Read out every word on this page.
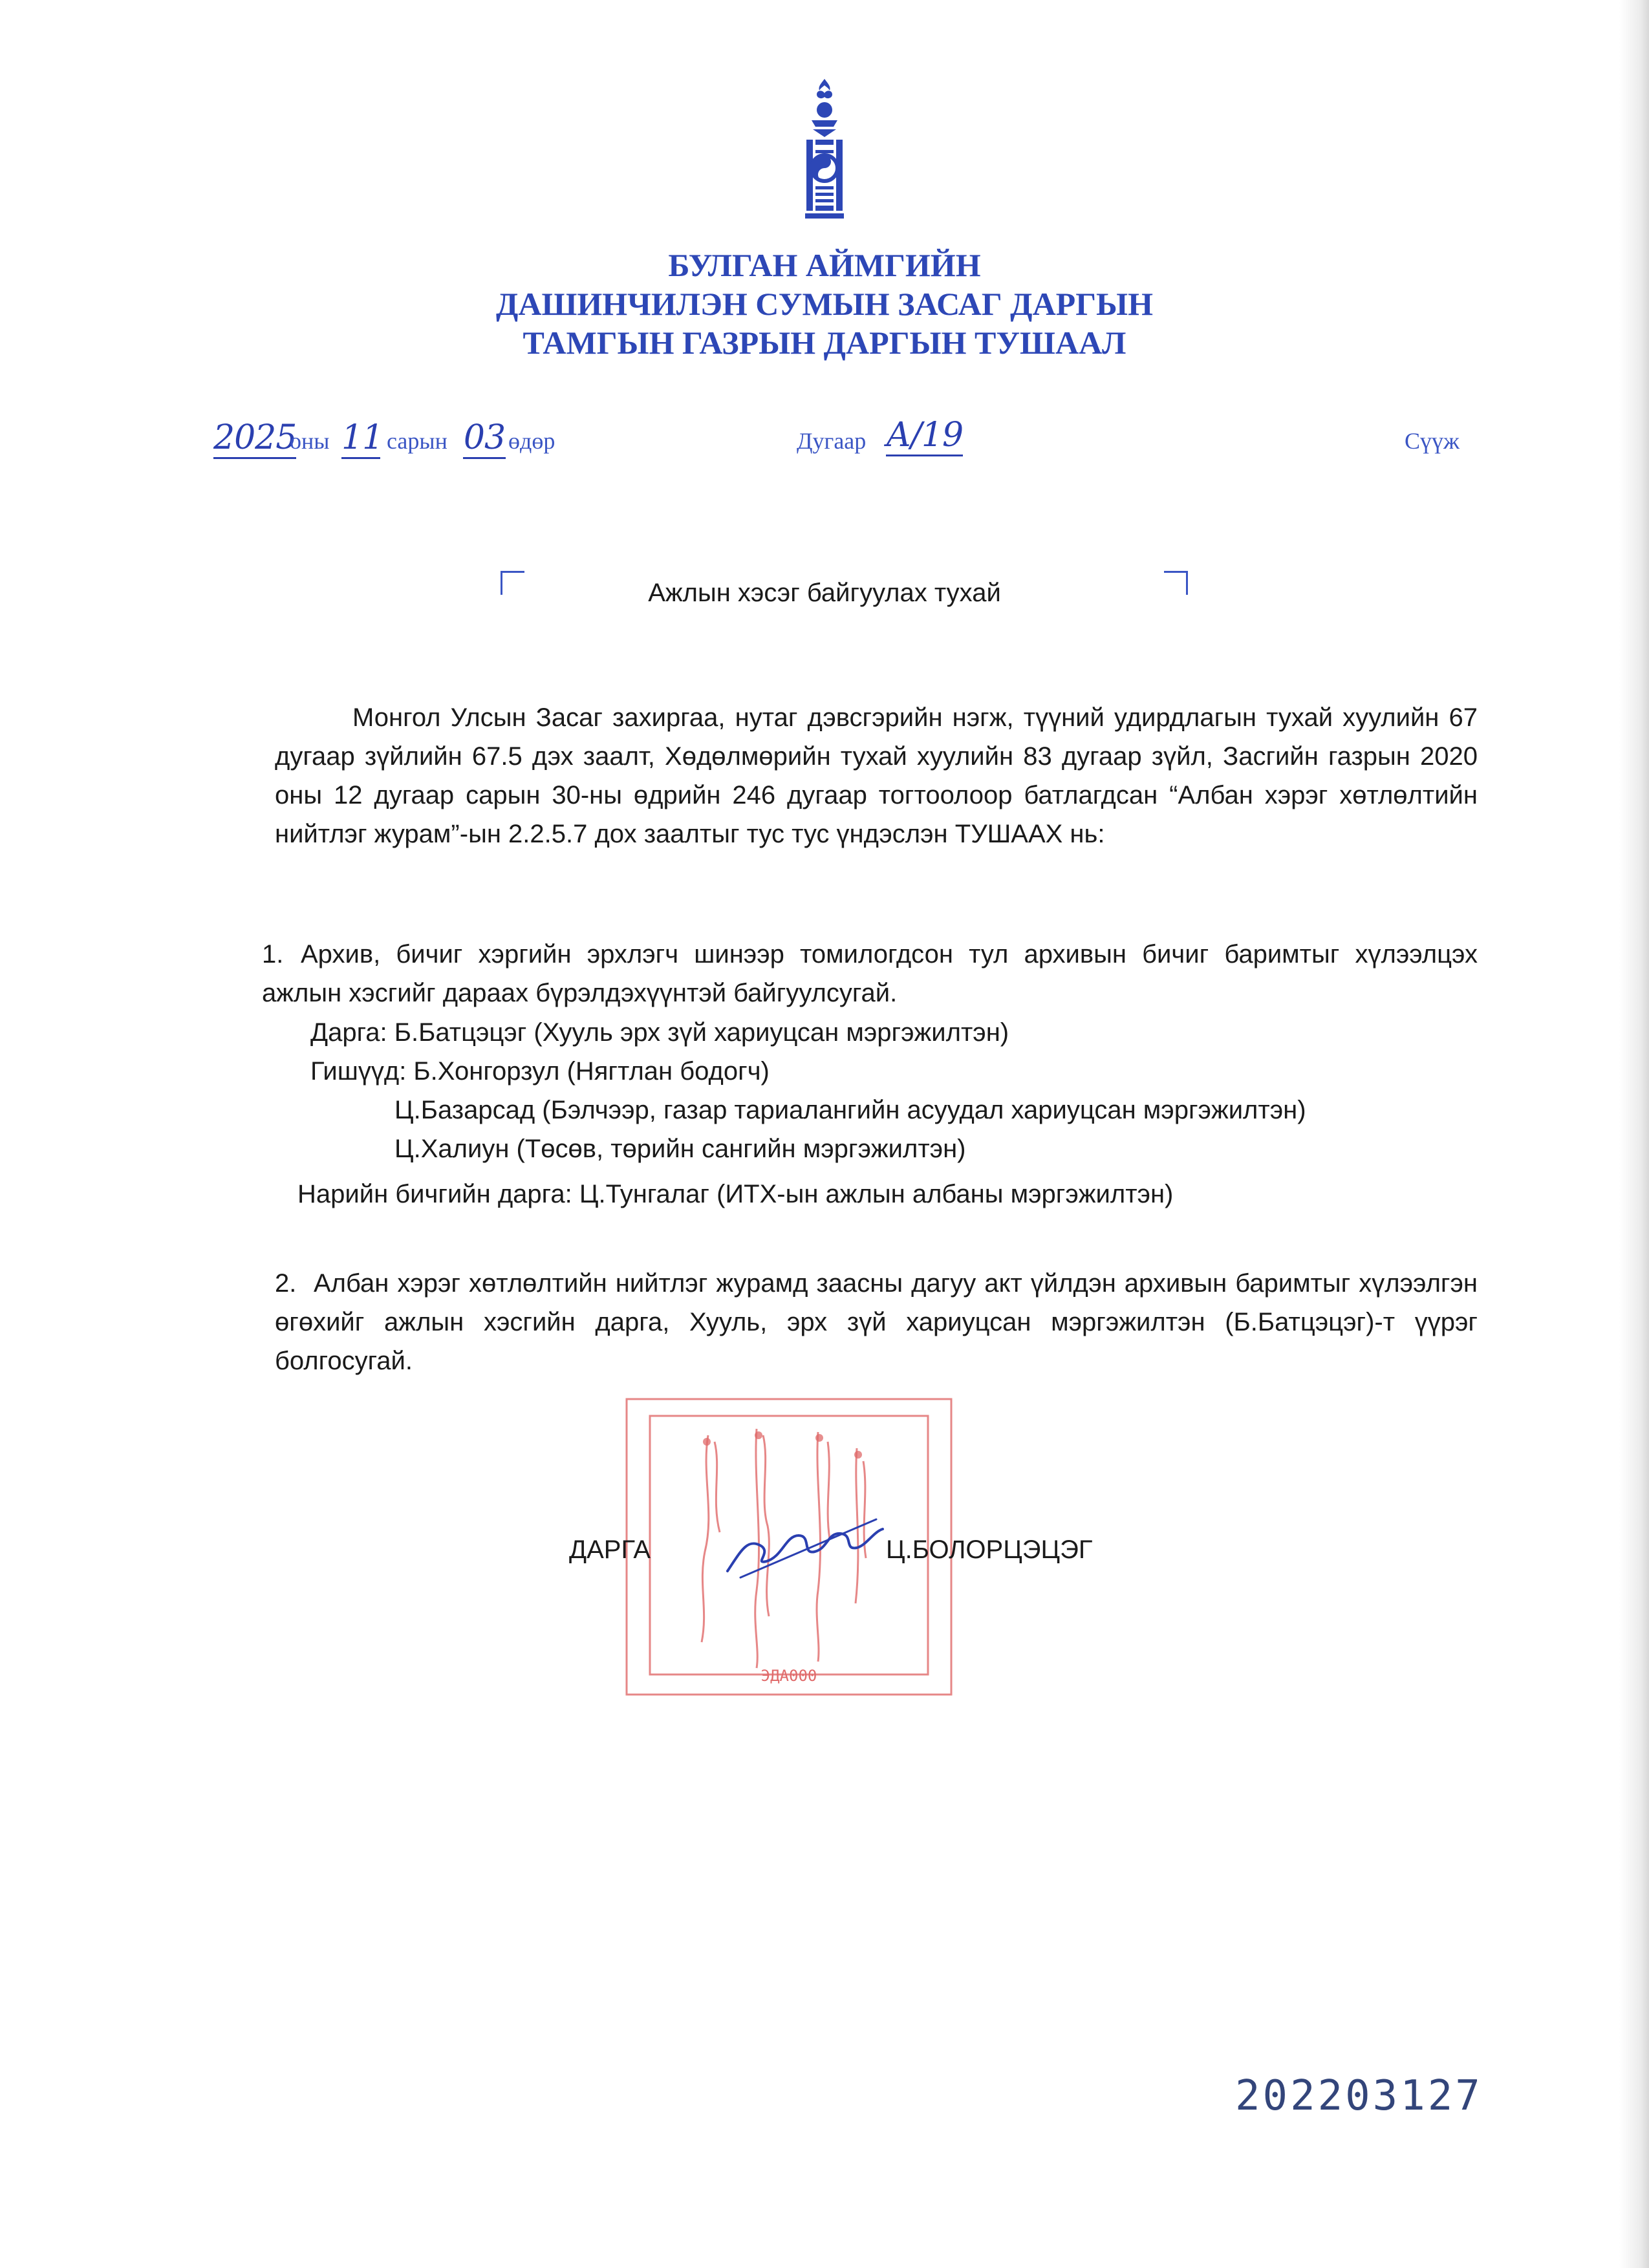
БУЛГАН АЙМГИЙН
ДАШИНЧИЛЭН СУМЫН ЗАСАГ ДАРГЫН
ТАМГЫН ГАЗРЫН ДАРГЫН ТУШААЛ
2025
оны 11 сарын 03 өдөр	Дугаар А/19	Сүүж
Ажлын хэсэг байгуулах тухай
Монгол Улсын Засаг захиргаа, нутаг дэвсгэрийн нэгж, түүний удирдлагын тухай хуулийн 67 дугаар зүйлийн 67.5 дэх заалт, Хөдөлмөрийн тухай хуулийн 83 дугаар зүйл, Засгийн газрын 2020 оны 12 дугаар сарын 30-ны өдрийн 246 дугаар тогтоолоор батлагдсан “Албан хэрэг хөтлөлтийн нийтлэг журам”-ын 2.2.5.7 дох заалтыг тус тус үндэслэн ТУШААХ нь:
1. Архив, бичиг хэргийн эрхлэгч шинээр томилогдсон тул архивын бичиг баримтыг хүлээлцэх ажлын хэсгийг дараах бүрэлдэхүүнтэй байгуулсугай.
Дарга: Б.Батцэцэг (Хууль эрх зүй хариуцсан мэргэжилтэн)
Гишүүд: Б.Хонгорзул (Нягтлан бодогч)
Ц.Базарсад (Бэлчээр, газар тариалангийн асуудал хариуцсан мэргэжилтэн)
Ц.Халиун (Төсөв, төрийн сангийн мэргэжилтэн)
Нарийн бичгийн дарга: Ц.Тунгалаг (ИТХ-ын ажлын албаны мэргэжилтэн)
2. Албан хэрэг хөтлөлтийн нийтлэг журамд заасны дагуу акт үйлдэн архивын баримтыг хүлээлгэн өгөхийг ажлын хэсгийн дарга, Хууль, эрх зүй хариуцсан мэргэжилтэн (Б.Батцэцэг)-т үүрэг болгосугай.
ЭДА000
ДАРГА	Ц.БОЛОРЦЭЦЭГ
202203127
